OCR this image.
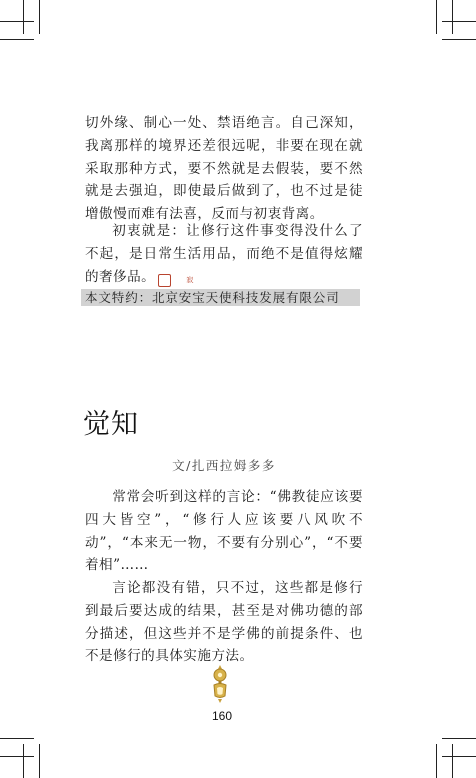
切外缘、制心一处、禁语绝言。自己深知，我离那样的境界还差很远呢，非要在现在就采取那种方式，要不然就是去假装，要不然就是去强迫，即使最后做到了，也不过是徒增傲慢而难有法喜，反而与初衷背离。

初衷就是：让修行这件事变得没什么了不起，是日常生活用品，而绝不是值得炫耀的奢侈品。	寂

本文特约：北京安宝天使科技发展有限公司
觉知
文/扎西拉姆多多

常常会听到这样的言论：“佛教徒应该要四大皆空”，“修行人应该要八风吹不动”，“本来无一物，不要有分别心”，“不要着相”……

言论都没有错，只不过，这些都是修行到最后要达成的结果，甚至是对佛功德的部分描述，但这些并不是学佛的前提条件、也不是修行的具体实施方法。

160
